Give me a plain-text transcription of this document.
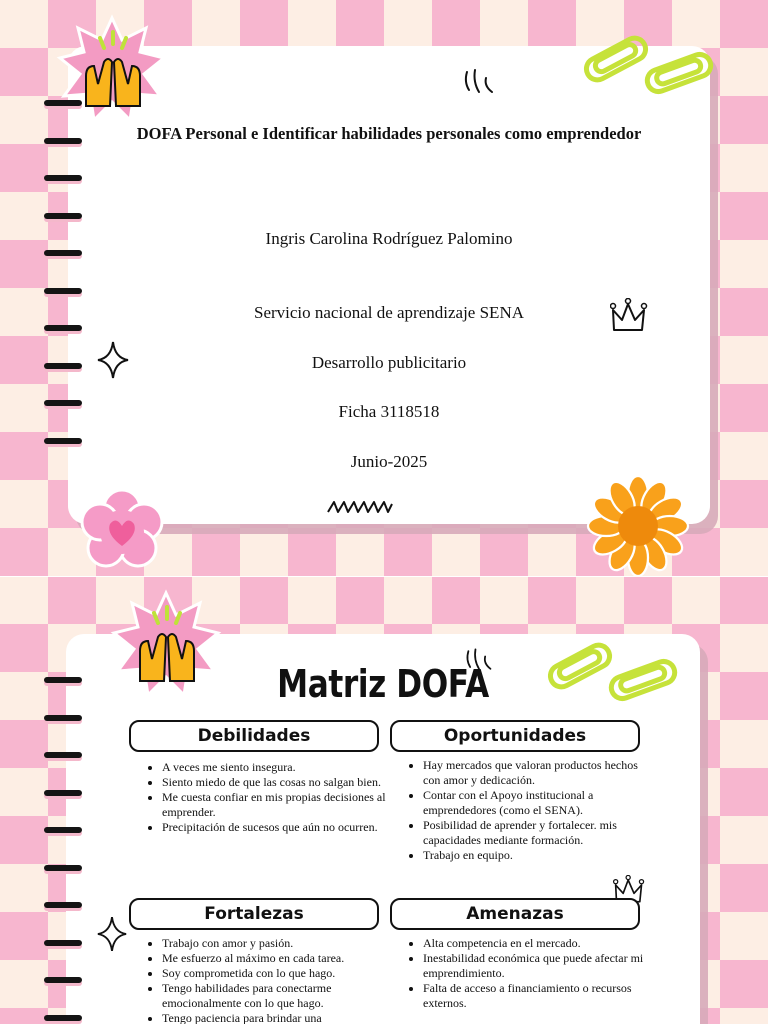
DOFA Personal e Identificar habilidades personales como emprendedor
Ingris Carolina Rodríguez Palomino
Servicio nacional de aprendizaje SENA
Desarrollo publicitario
Ficha 3118518
Junio-2025
Matriz DOFA
Debilidades
• A veces me siento insegura.
• Siento miedo de que las cosas no salgan bien.
• Me cuesta confiar en mis propias decisiones al emprender.
• Precipitación de sucesos que aún no ocurren.
Oportunidades
• Hay mercados que valoran productos hechos con amor y dedicación.
• Contar con el Apoyo institucional a emprendedores (como el SENA).
• Posibilidad de aprender y fortalecer. mis capacidades mediante formación.
• Trabajo en equipo.
Fortalezas
• Trabajo con amor y pasión.
• Me esfuerzo al máximo en cada tarea.
• Soy comprometida con lo que hago.
• Tengo habilidades para conectarme emocionalmente con lo que hago.
• Tengo paciencia para brindar una
Amenazas
• Alta competencia en el mercado.
• Inestabilidad económica que puede afectar mi emprendimiento.
• Falta de acceso a financiamiento o recursos externos.
